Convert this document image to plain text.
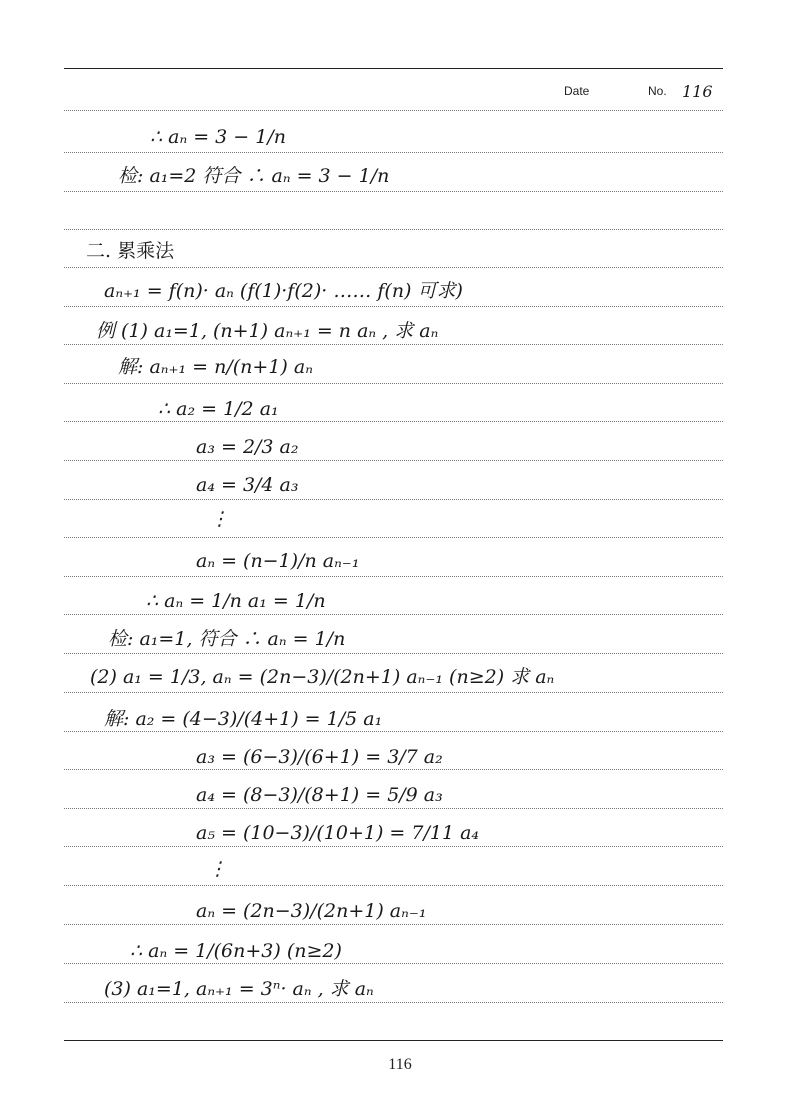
Date	No. 116
∴ aₙ = 3 − 1/n
检: a₁=2 符合 ∴ aₙ = 3 − 1/n
二. 累乘法
aₙ₊₁ = f(n)· aₙ (f(1)·f(2)· …… f(n) 可求)
例 (1) a₁=1, (n+1) aₙ₊₁ = n aₙ , 求 aₙ
解: aₙ₊₁ = n/(n+1) aₙ
∴ a₂ = 1/2 a₁
a₃ = 2/3 a₂
a₄ = 3/4 a₃
⋮
aₙ = (n−1)/n aₙ₋₁
∴ aₙ = 1/n a₁ = 1/n
检: a₁=1, 符合 ∴ aₙ = 1/n
(2) a₁ = 1/3, aₙ = (2n−3)/(2n+1) aₙ₋₁ (n≥2) 求 aₙ
解: a₂ = (4−3)/(4+1) = 1/5 a₁
a₃ = (6−3)/(6+1) = 3/7 a₂
a₄ = (8−3)/(8+1) = 5/9 a₃
a₅ = (10−3)/(10+1) = 7/11 a₄
⋮
aₙ = (2n−3)/(2n+1) aₙ₋₁
∴ aₙ = 1/(6n+3) (n≥2)
(3) a₁=1, aₙ₊₁ = 3ⁿ· aₙ , 求 aₙ
116
